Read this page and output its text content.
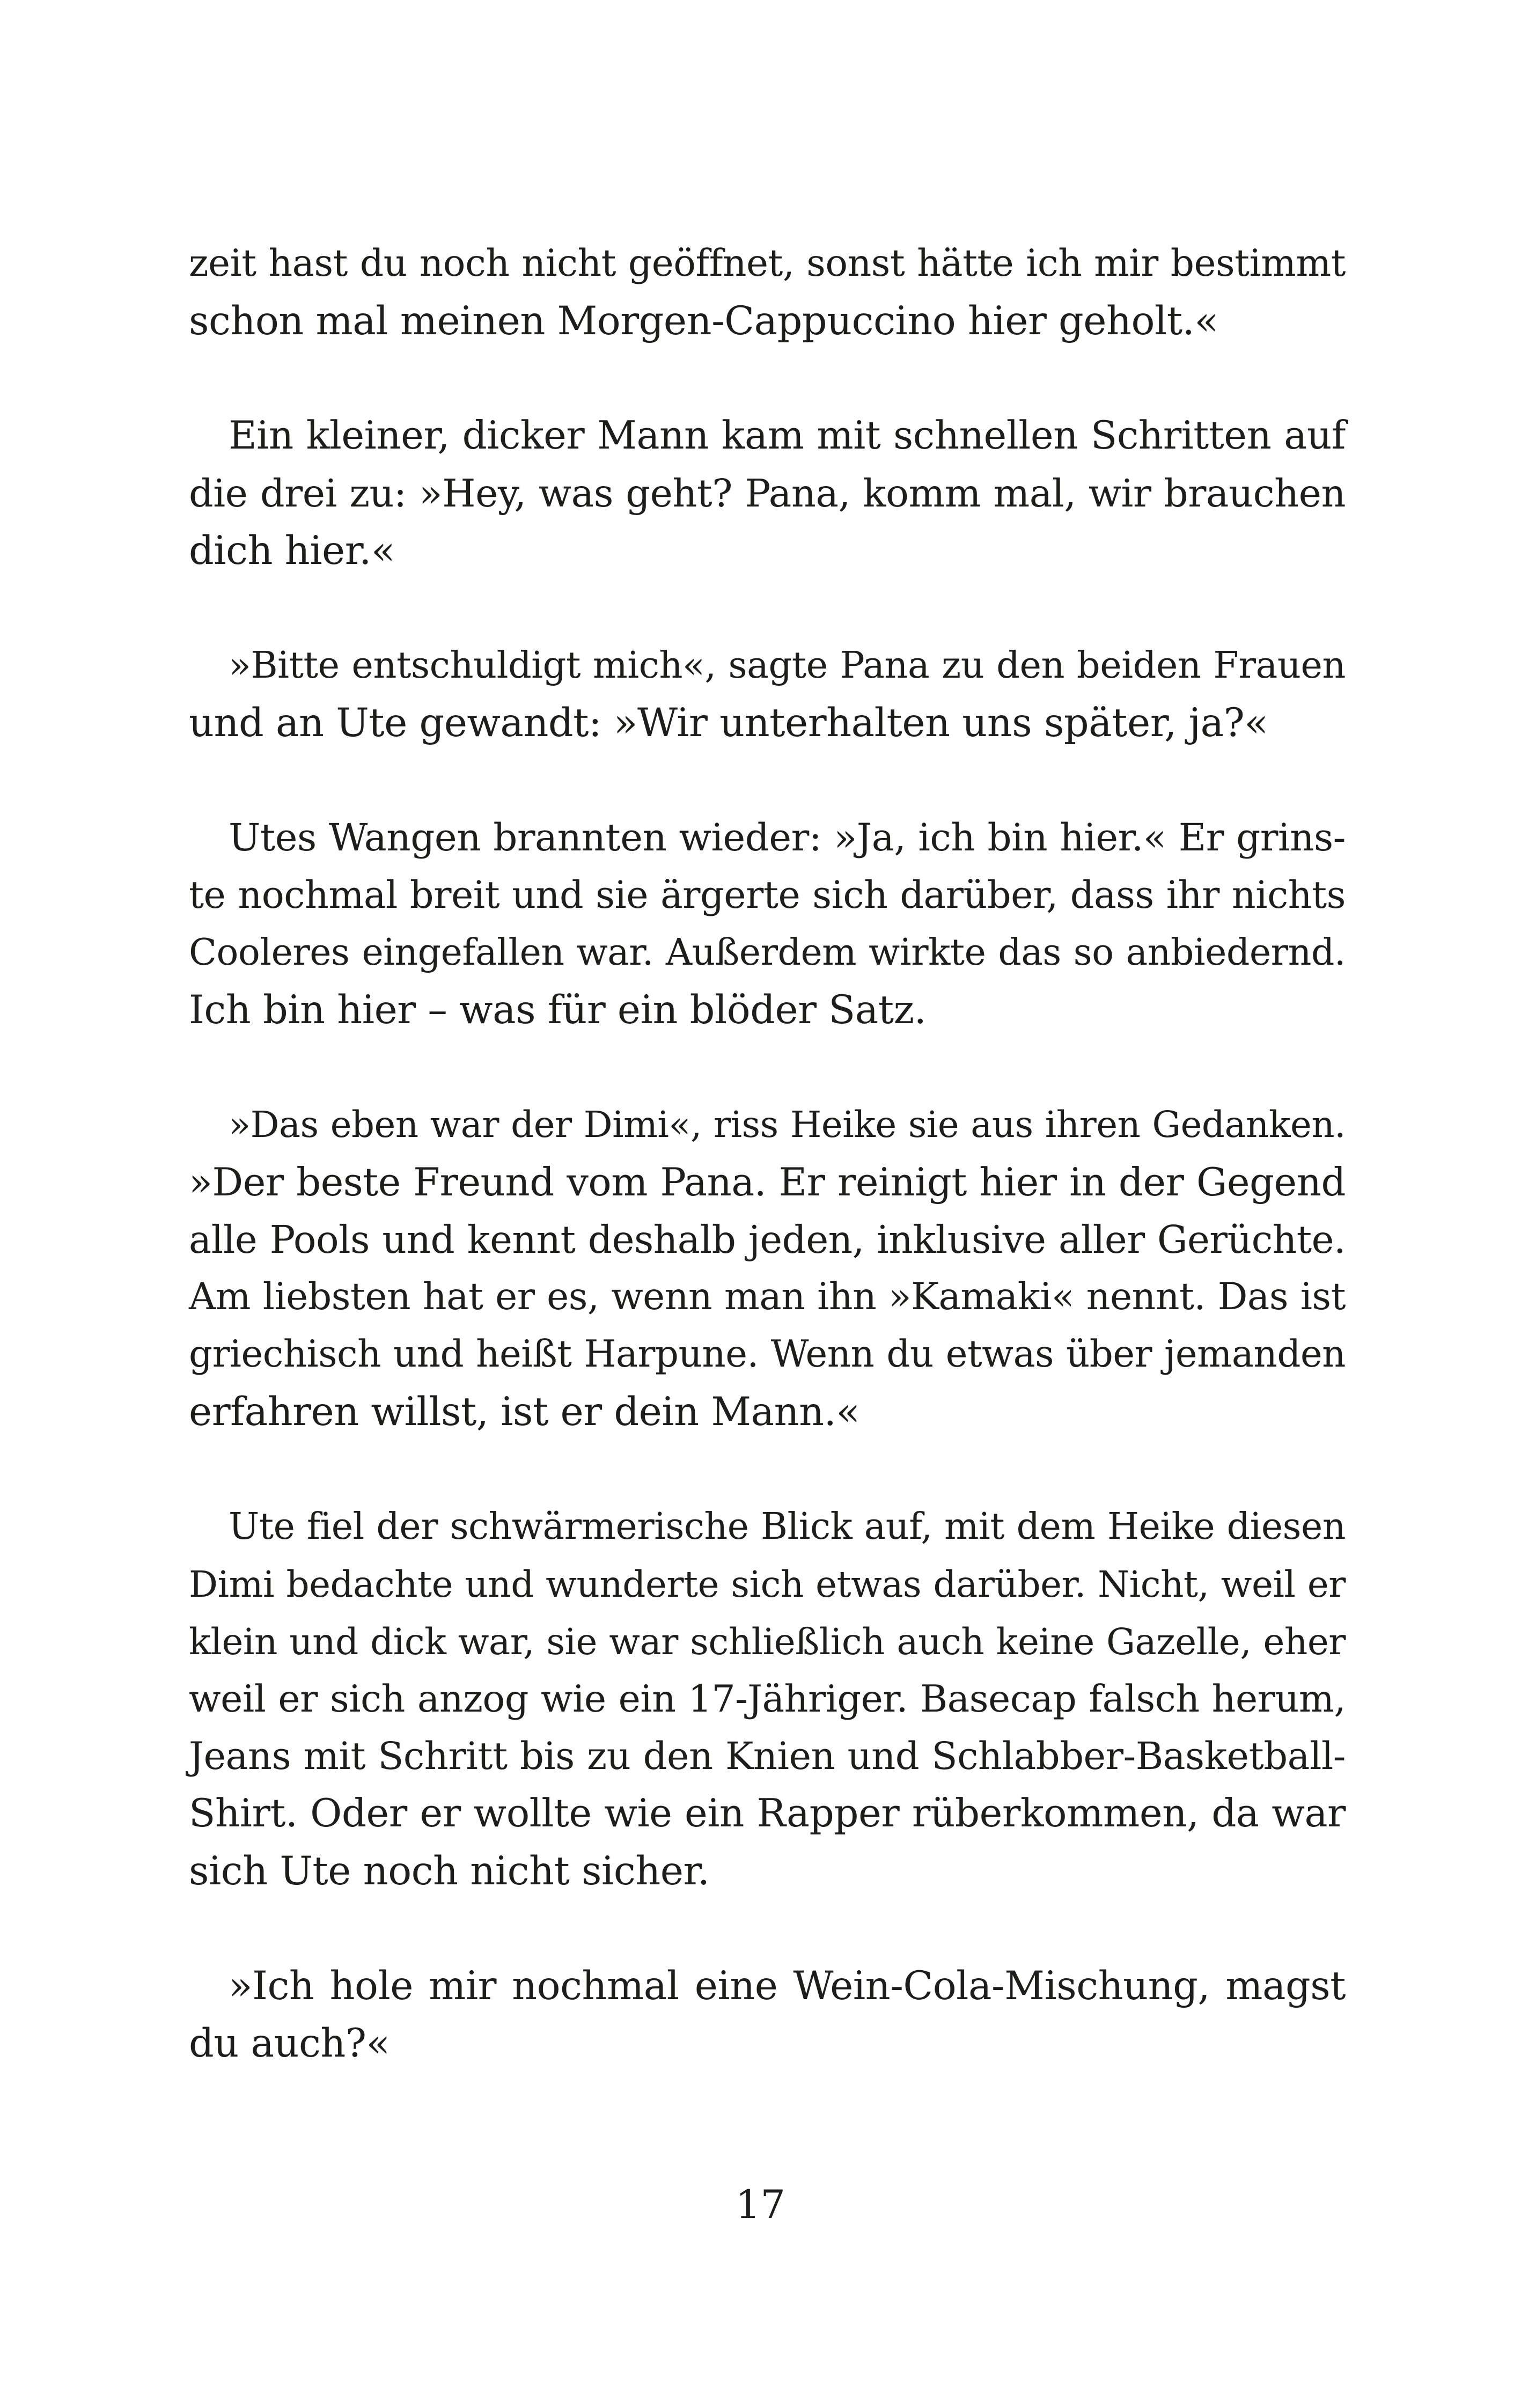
zeit hast du noch nicht geöffnet, sonst hätte ich mir bestimmt
schon mal meinen Morgen-Cappuccino hier geholt.«

Ein kleiner, dicker Mann kam mit schnellen Schritten auf
die drei zu: »Hey, was geht? Pana, komm mal, wir brauchen
dich hier.«

»Bitte entschuldigt mich«, sagte Pana zu den beiden Frauen
und an Ute gewandt: »Wir unterhalten uns später, ja?«

Utes Wangen brannten wieder: »Ja, ich bin hier.« Er grins-
te nochmal breit und sie ärgerte sich darüber, dass ihr nichts
Cooleres eingefallen war. Außerdem wirkte das so anbiedernd.
Ich bin hier – was für ein blöder Satz.

»Das eben war der Dimi«, riss Heike sie aus ihren Gedanken.
»Der beste Freund vom Pana. Er reinigt hier in der Gegend
alle Pools und kennt deshalb jeden, inklusive aller Gerüchte.
Am liebsten hat er es, wenn man ihn »Kamaki« nennt. Das ist
griechisch und heißt Harpune. Wenn du etwas über jemanden
erfahren willst, ist er dein Mann.«

Ute fiel der schwärmerische Blick auf, mit dem Heike diesen
Dimi bedachte und wunderte sich etwas darüber. Nicht, weil er
klein und dick war, sie war schließlich auch keine Gazelle, eher
weil er sich anzog wie ein 17-Jähriger. Basecap falsch herum,
Jeans mit Schritt bis zu den Knien und Schlabber-Basketball-
Shirt. Oder er wollte wie ein Rapper rüberkommen, da war
sich Ute noch nicht sicher.

»Ich hole mir nochmal eine Wein-Cola-Mischung, magst
du auch?«

17
